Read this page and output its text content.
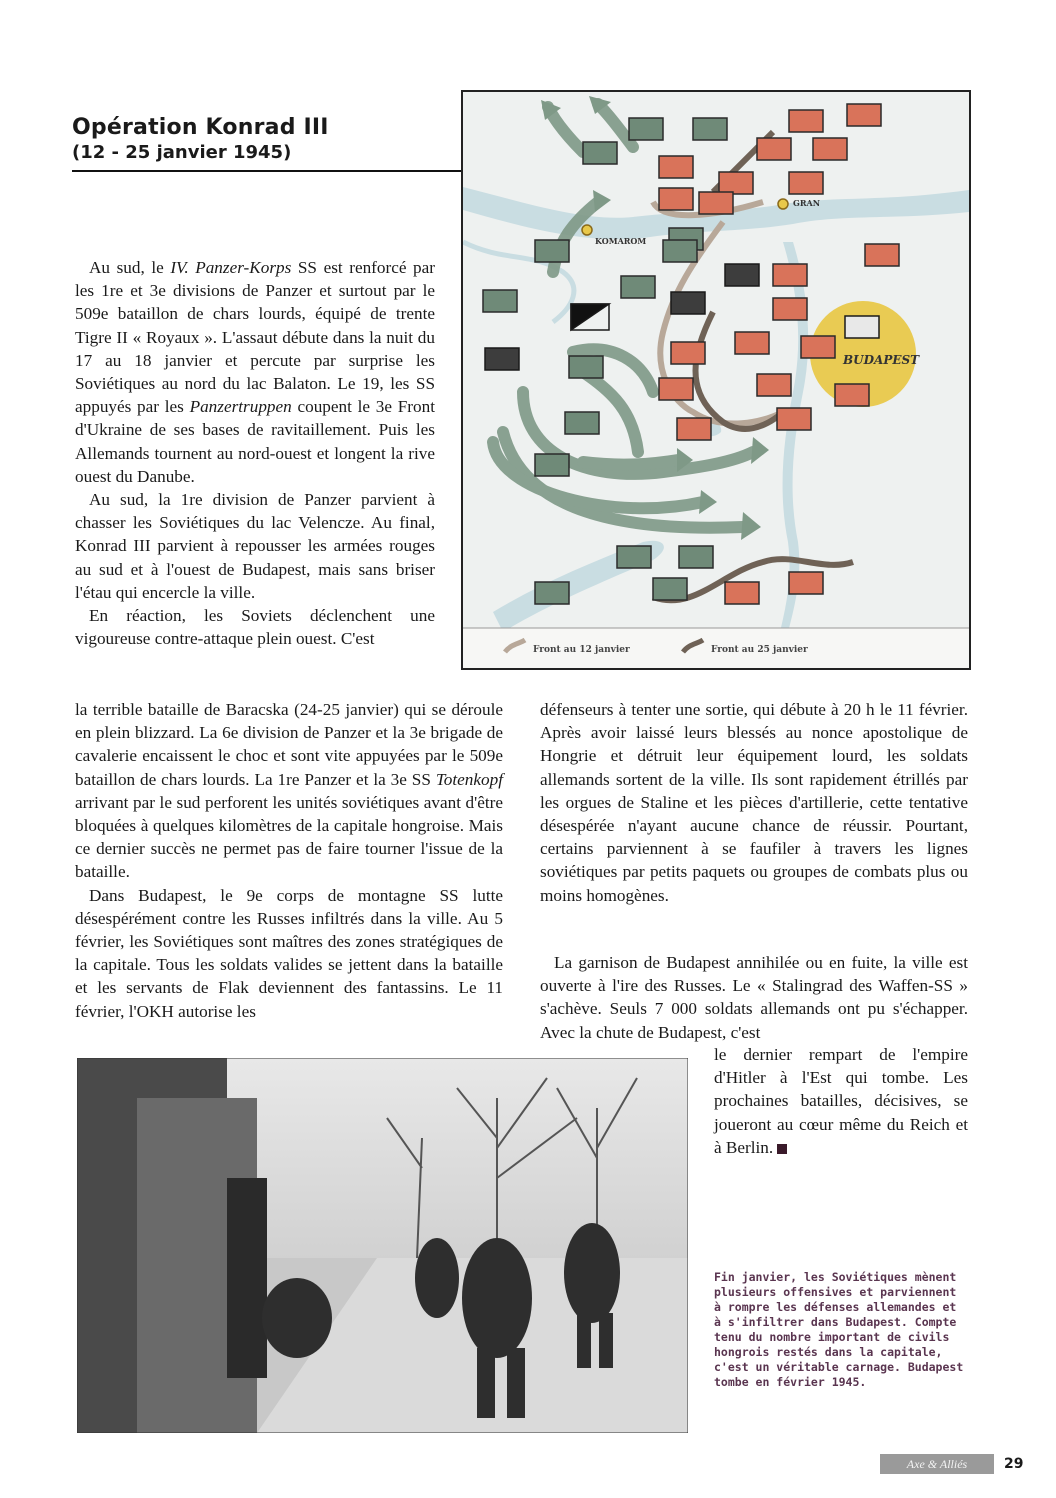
Opération Konrad III
(12 - 25 janvier 1945)
KOMAROM
GRAN
BUDAPEST
Front au 12 janvier	Front au 25 janvier

Au sud, le IV. Panzer-Korps SS est renforcé par les 1re et 3e divisions de Panzer et surtout par le 509e bataillon de chars lourds, équipé de trente Tigre II « Royaux ». L'assaut débute dans la nuit du 17 au 18 janvier et percute par surprise les Soviétiques au nord du lac Balaton. Le 19, les SS appuyés par les Panzertruppen coupent le 3e Front d'Ukraine de ses bases de ravitaillement. Puis les Allemands tournent au nord-ouest et longent la rive ouest du Danube.

Au sud, la 1re division de Panzer parvient à chasser les Soviétiques du lac Velencze. Au final, Konrad III parvient à repousser les armées rouges au sud et à l'ouest de Budapest, mais sans briser l'étau qui encercle la ville.

En réaction, les Soviets déclenchent une vigoureuse contre-attaque plein ouest. C'est

la terrible bataille de Baracska (24-25 janvier) qui se déroule en plein blizzard. La 6e division de Panzer et la 3e brigade de cavalerie encaissent le choc et sont vite appuyées par le 509e bataillon de chars lourds. La 1re Panzer et la 3e SS Totenkopf arrivant par le sud perforent les unités soviétiques avant d'être bloquées à quelques kilomètres de la capitale hongroise. Mais ce dernier succès ne permet pas de faire tourner l'issue de la bataille.

Dans Budapest, le 9e corps de montagne SS lutte désespérément contre les Russes infiltrés dans la ville. Au 5 février, les Soviétiques sont maîtres des zones stratégiques de la capitale. Tous les soldats valides se jettent dans la bataille et les servants de Flak deviennent des fantassins. Le 11 février, l'OKH autorise les

défenseurs à tenter une sortie, qui débute à 20 h le 11 février. Après avoir laissé leurs blessés au nonce apostolique de Hongrie et détruit leur équipement lourd, les soldats allemands sortent de la ville. Ils sont rapidement étrillés par les orgues de Staline et les pièces d'artillerie, cette tentative désespérée n'ayant aucune chance de réussir. Pourtant, certains parviennent à se faufiler à travers les lignes soviétiques par petits paquets ou groupes de combats plus ou moins homogènes.

La garnison de Budapest annihilée ou en fuite, la ville est ouverte à l'ire des Russes. Le « Stalingrad des Waffen-SS » s'achève. Seuls 7 000 soldats allemands ont pu s'échapper. Avec la chute de Budapest, c'est

le dernier rempart de l'empire d'Hitler à l'Est qui tombe. Les prochaines batailles, décisives, se joueront au cœur même du Reich et à Berlin.

Fin janvier, les Soviétiques mènent plusieurs offensives et parviennent à rompre les défenses allemandes et à s'infiltrer dans Budapest. Compte tenu du nombre important de civils hongrois restés dans la capitale, c'est un véritable carnage. Budapest tombe en février 1945.
Axe & Alliés	29
